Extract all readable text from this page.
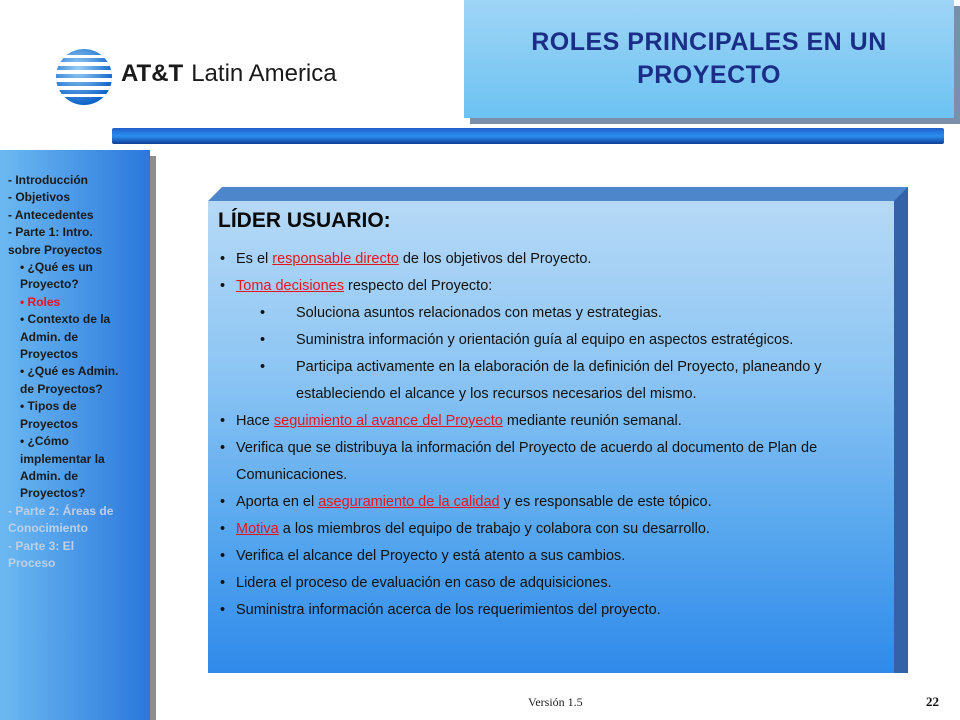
AT&T Latin America
ROLES PRINCIPALES EN UN PROYECTO
- Introducción
- Objetivos
- Antecedentes
- Parte 1: Intro.
sobre Proyectos
• ¿Qué es un
Proyecto?
• Roles
• Contexto de la
Admin. de
Proyectos
• ¿Qué es Admin.
de Proyectos?
• Tipos de
Proyectos
• ¿Cómo
implementar la
Admin. de
Proyectos?
- Parte 2: Áreas de
Conocimiento
- Parte 3: El
Proceso
LÍDER USUARIO:
• Es el responsable directo de los objetivos del Proyecto.
• Toma decisiones respecto del Proyecto:
• Soluciona asuntos relacionados con metas y estrategias.
• Suministra información y orientación guía al equipo en aspectos estratégicos.
• Participa activamente en la elaboración de la definición del Proyecto, planeando y estableciendo el alcance y los recursos necesarios del mismo.
• Hace seguimiento al avance del Proyecto mediante reunión semanal.
• Verifica que se distribuya la información del Proyecto de acuerdo al documento de Plan de Comunicaciones.
• Aporta en el aseguramiento de la calidad y es responsable de este tópico.
• Motiva a los miembros del equipo de trabajo y colabora con su desarrollo.
• Verifica el alcance del Proyecto y está atento a sus cambios.
• Lidera el proceso de evaluación en caso de adquisiciones.
• Suministra información acerca de los requerimientos del proyecto.
Versión 1.5	22
